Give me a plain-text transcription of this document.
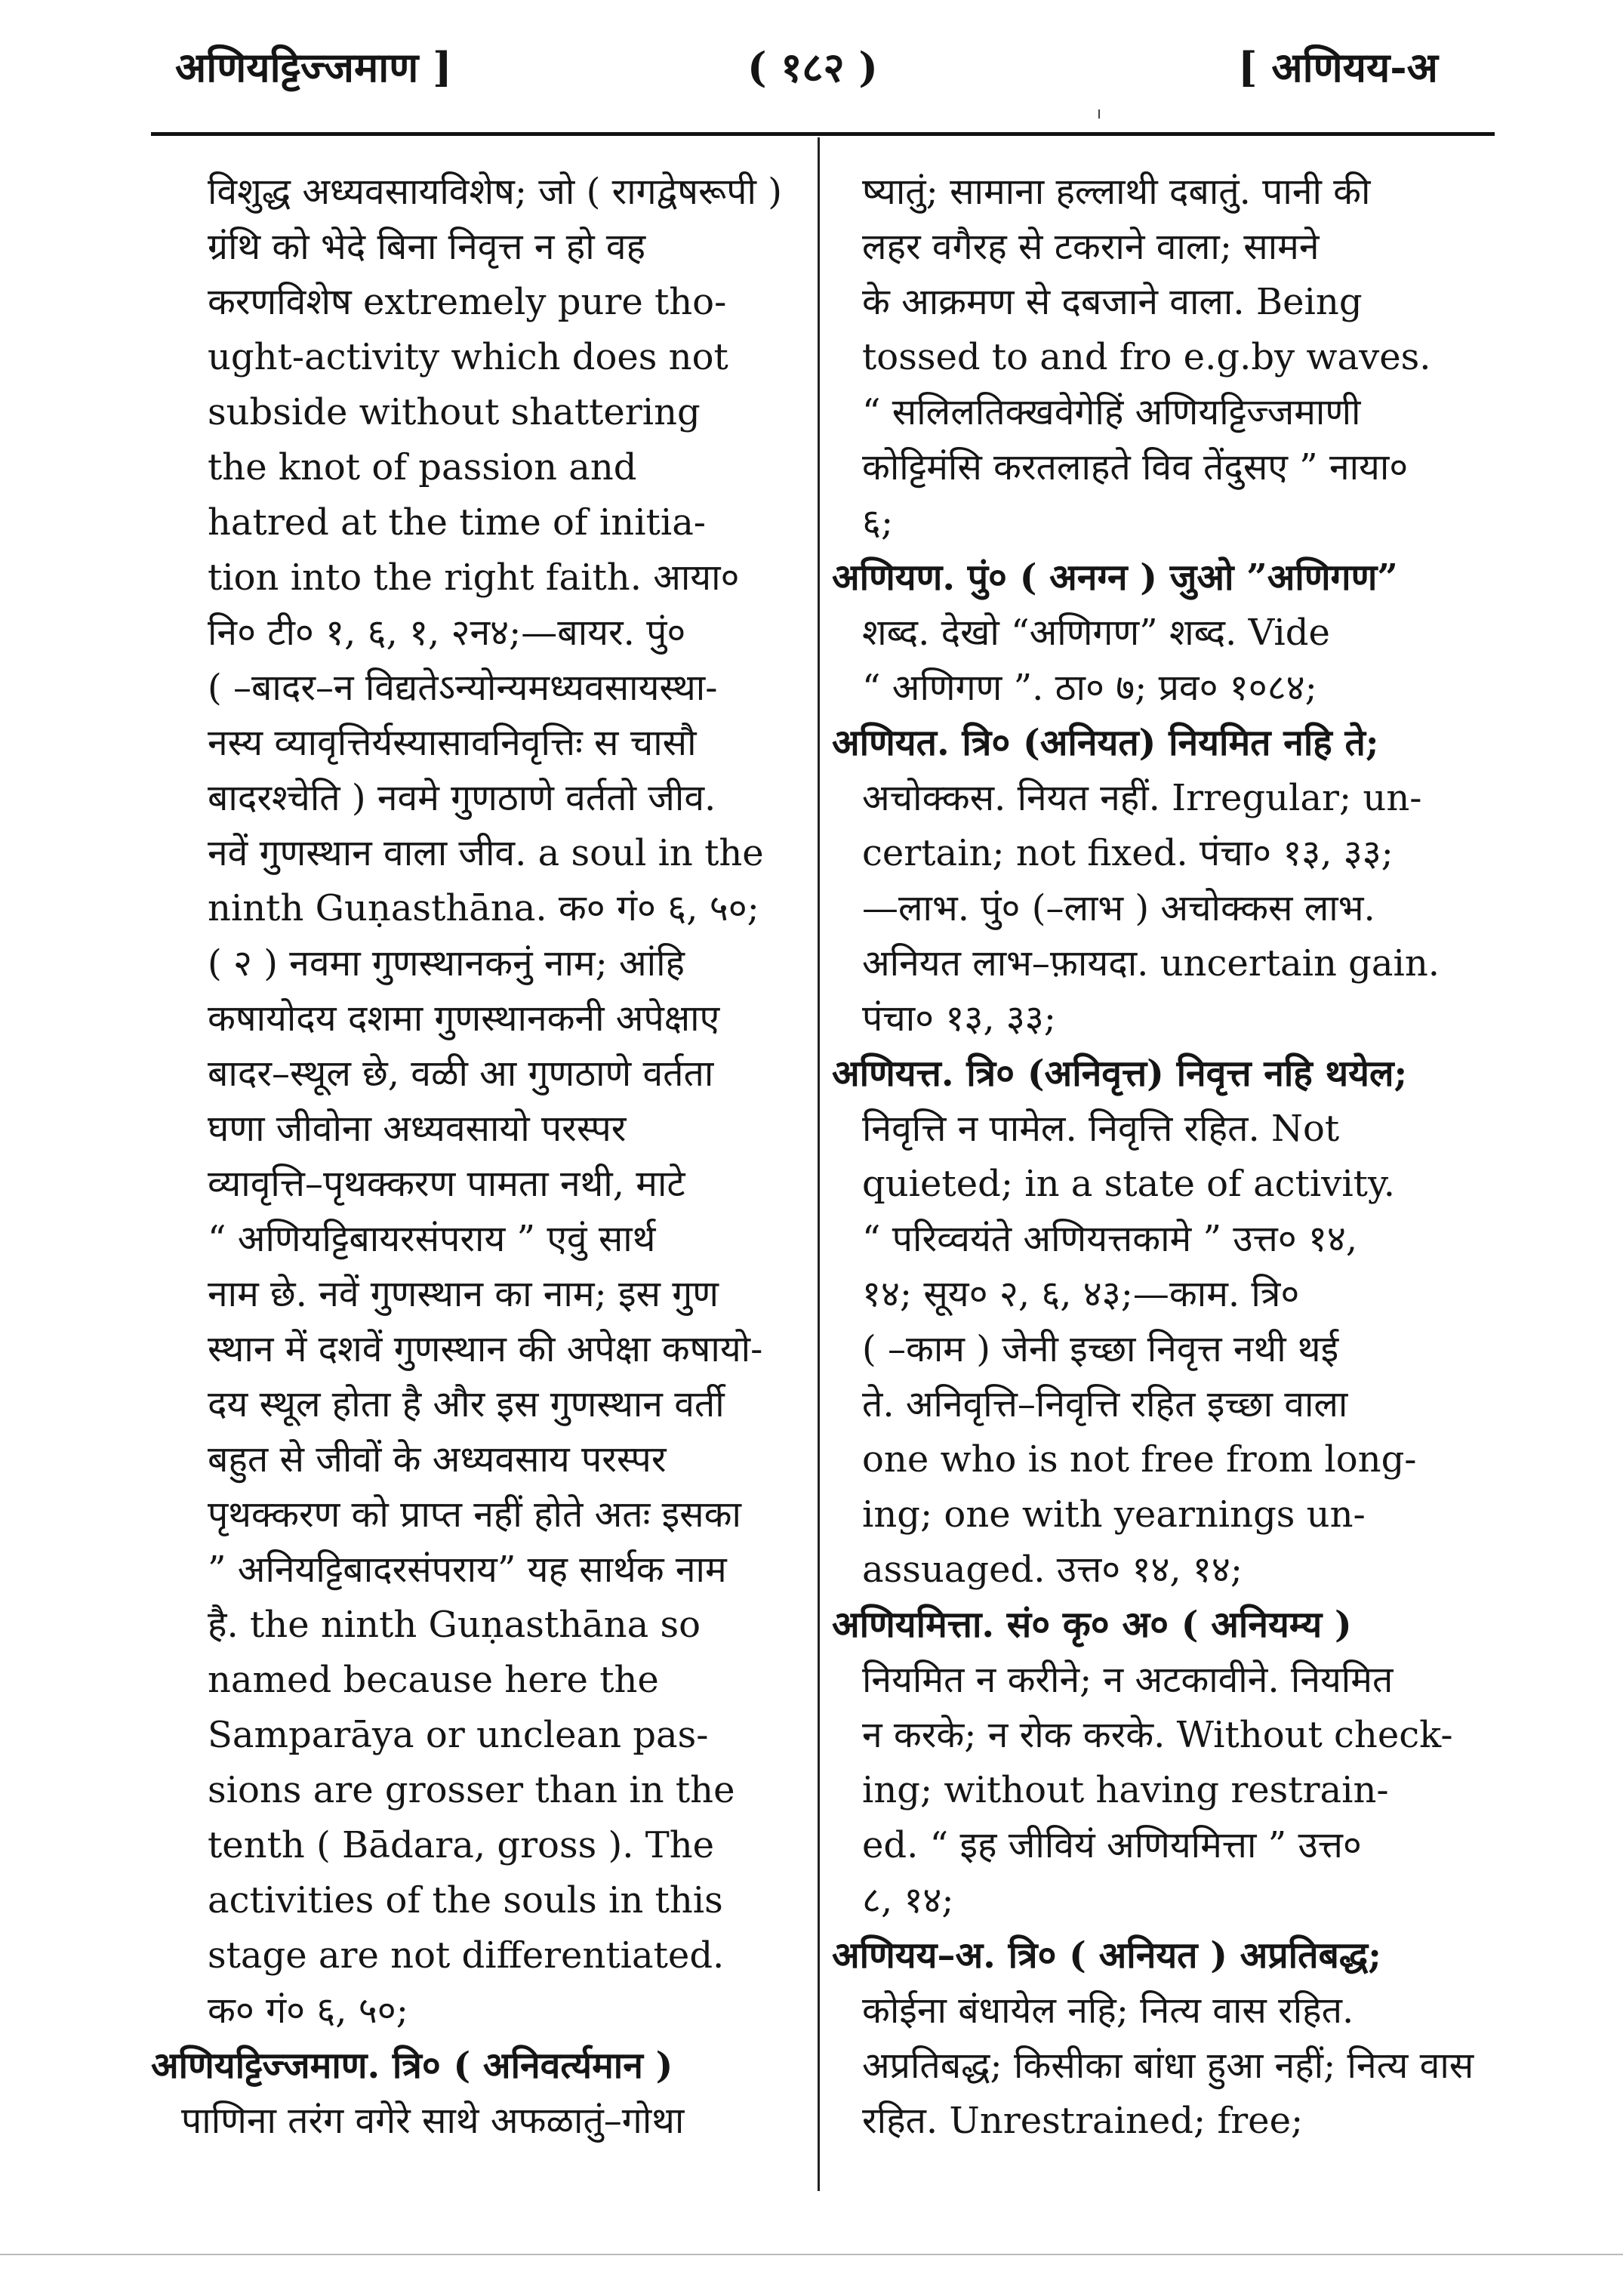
अणियट्टिज्जमाण ]	( १८२ )	[ अणियय-अ
विशुद्ध अध्यवसायविशेष; जो ( रागद्वेषरूपी )
ग्रंथि को भेदे बिना निवृत्त न हो वह
करणविशेष extremely pure tho-
ught-activity which does not
subside without shattering
the knot of passion and
hatred at the time of initia-
tion into the right faith. आया०
नि० टी० १, ६, १, २न४;—बायर. पुं०
( –बादर–न विद्यतेऽन्योन्यमध्यवसायस्था-
नस्य व्यावृत्तिर्यस्यासावनिवृत्तिः स चासौ
बादरश्चेति ) नवमे गुणठाणे वर्ततो जीव.
नवें गुणस्थान वाला जीव. a soul in the
ninth Guṇasthāna. क० गं० ६, ५०;
( २ ) नवमा गुणस्थानकनुं नाम; आंहि
कषायोदय दशमा गुणस्थानकनी अपेक्षाए
बादर–स्थूल छे, वळी आ गुणठाणे वर्तता
घणा जीवोना अध्यवसायो परस्पर
व्यावृत्ति–पृथक्करण पामता नथी, माटे
“ अणियट्टिबायरसंपराय ” एवुं सार्थ
नाम छे. नवें गुणस्थान का नाम; इस गुण
स्थान में दशवें गुणस्थान की अपेक्षा कषायो-
दय स्थूल होता है और इस गुणस्थान वर्ती
बहुत से जीवों के अध्यवसाय परस्पर
पृथक्करण को प्राप्त नहीं होते अतः इसका
” अनियट्टिबादरसंपराय” यह सार्थक नाम
है. the ninth Guṇasthāna so
named because here the
Samparāya or unclean pas-
sions are grosser than in the
tenth ( Bādara, gross ). The
activities of the souls in this
stage are not differentiated.
क० गं० ६, ५०;
अणियट्टिज्जमाण. त्रि० ( अनिवर्त्यमान )
पाणिना तरंग वगेरे साथे अफळातुं–गोथा
ष्यातुं; सामाना हल्लाथी दबातुं. पानी की
लहर वगैरह से टकराने वाला; सामने
के आक्रमण से दबजाने वाला. Being
tossed to and fro e.g.by waves.
“ सलिलतिक्खवेगेहिं अणियट्टिज्जमाणी
कोट्टिमंसि करतलाहते विव तेंदुसए ” नाया०
६;
अणियण. पुं० ( अनग्न ) जुओ ”अणिगण”
शब्द. देखो “अणिगण” शब्द. Vide
“ अणिगण ”. ठा० ७; प्रव० १०८४;
अणियत. त्रि० (अनियत) नियमित नहि ते;
अचोक्कस. नियत नहीं. Irregular; un-
certain; not fixed. पंचा० १३, ३३;
—लाभ. पुं० (–लाभ ) अचोक्कस लाभ.
अनियत लाभ–फ़ायदा. uncertain gain.
पंचा० १३, ३३;
अणियत्त. त्रि० (अनिवृत्त) निवृत्त नहि थयेल;
निवृत्ति न पामेल. निवृत्ति रहित. Not
quieted; in a state of activity.
“ परिव्वयंते अणियत्तकामे ” उत्त० १४,
१४; सूय० २, ६, ४३;—काम. त्रि०
( –काम ) जेनी इच्छा निवृत्त नथी थई
ते. अनिवृत्ति–निवृत्ति रहित इच्छा वाला
one who is not free from long-
ing; one with yearnings un-
assuaged. उत्त० १४, १४;
अणियमित्ता. सं० कृ० अ० ( अनियम्य )
नियमित न करीने; न अटकावीने. नियमित
न करके; न रोक करके. Without check-
ing; without having restrain-
ed. “ इह जीवियं अणियमित्ता ” उत्त०
८, १४;
अणियय–अ. त्रि० ( अनियत ) अप्रतिबद्ध;
कोईना बंधायेल नहि; नित्य वास रहित.
अप्रतिबद्ध; किसीका बांधा हुआ नहीं; नित्य वास
रहित. Unrestrained; free;
